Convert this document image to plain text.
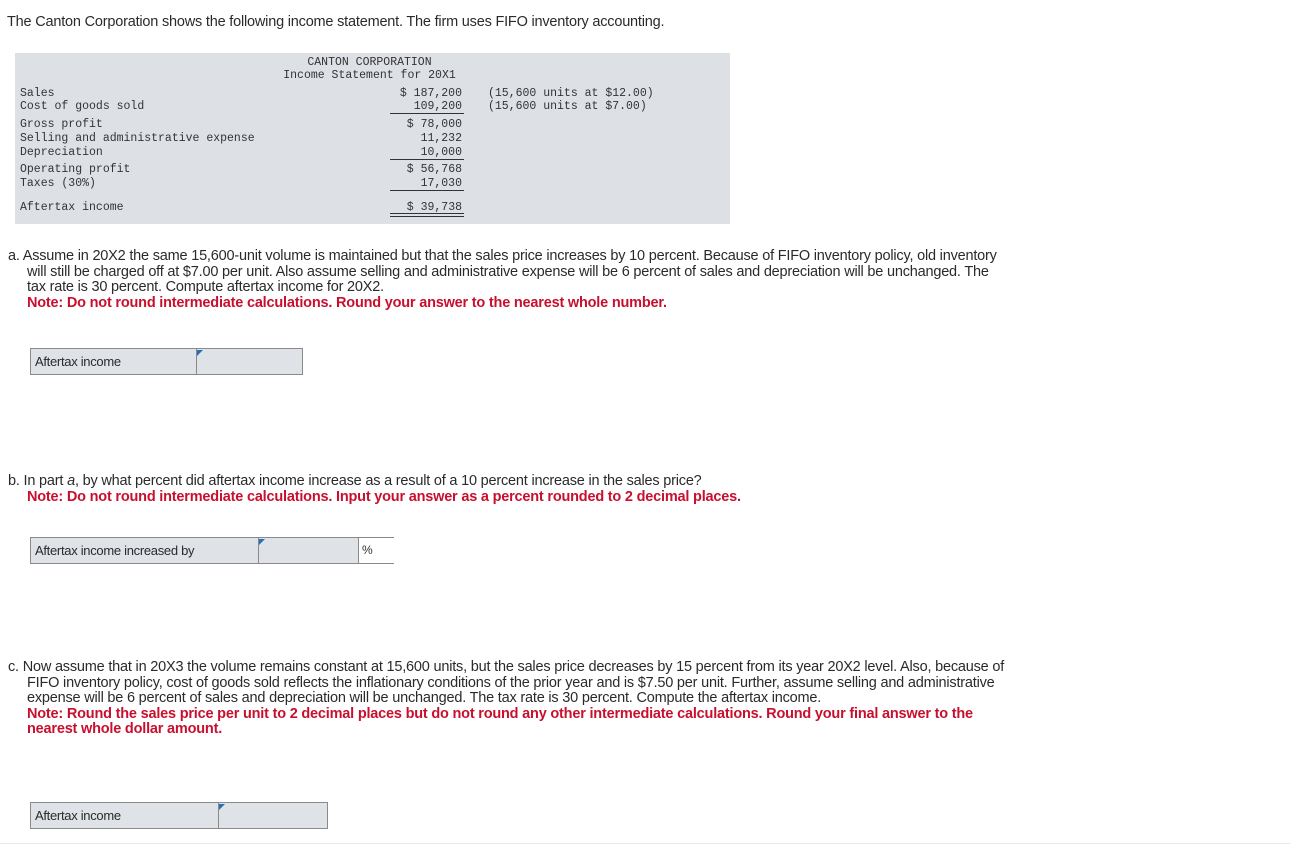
The Canton Corporation shows the following income statement. The firm uses FIFO inventory accounting.
CANTON CORPORATION
Income Statement for 20X1
Sales	$ 187,200 (15,600 units at $12.00)
Cost of goods sold	109,200 (15,600 units at $7.00)
Gross profit	$ 78,000
Selling and administrative expense	11,232
Depreciation	10,000
Operating profit	$ 56,768
Taxes (30%)	17,030
Aftertax income	$ 39,738
a. Assume in 20X2 the same 15,600-unit volume is maintained but that the sales price increases by 10 percent. Because of FIFO inventory policy, old inventory will still be charged off at $7.00 per unit. Also assume selling and administrative expense will be 6 percent of sales and depreciation will be unchanged. The tax rate is 30 percent. Compute aftertax income for 20X2.
Note: Do not round intermediate calculations. Round your answer to the nearest whole number.
Aftertax income
b. In part a, by what percent did aftertax income increase as a result of a 10 percent increase in the sales price?
Note: Do not round intermediate calculations. Input your answer as a percent rounded to 2 decimal places.
Aftertax income increased by	%
c. Now assume that in 20X3 the volume remains constant at 15,600 units, but the sales price decreases by 15 percent from its year 20X2 level. Also, because of FIFO inventory policy, cost of goods sold reflects the inflationary conditions of the prior year and is $7.50 per unit. Further, assume selling and administrative expense will be 6 percent of sales and depreciation will be unchanged. The tax rate is 30 percent. Compute the aftertax income.
Note: Round the sales price per unit to 2 decimal places but do not round any other intermediate calculations. Round your final answer to the nearest whole dollar amount.
Aftertax income
